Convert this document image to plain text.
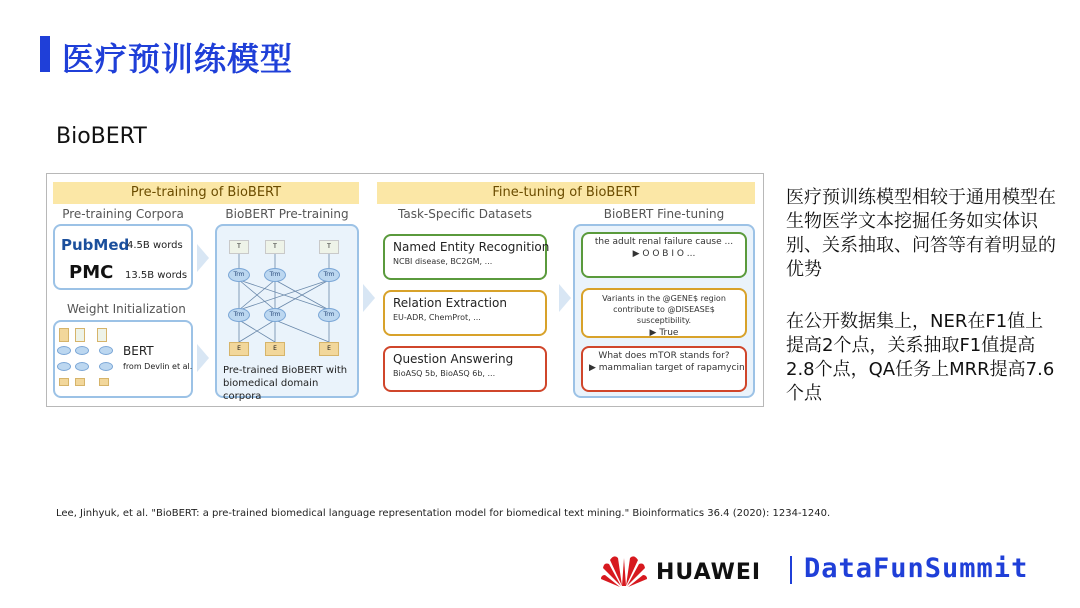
医疗预训练模型
BioBERT
Pre-training of BioBERT	Fine-tuning of BioBERT
Pre-training Corpora	BioBERT Pre-training	Task-Specific Datasets	BioBERT Fine-tuning
PubMed
4.5B words
PMC 13.5B words
Weight Initialization
BERT
from Devlin et al.
T	T	T
Trm	Trm	Trm
Trm	Trm	Trm
E	E	E
Pre-trained BioBERT with biomedical domain corpora
Named Entity Recognition
NCBI disease, BC2GM, ...
Relation Extraction
EU-ADR, ChemProt, ...
Question Answering
BioASQ 5b, BioASQ 6b, ...
the adult renal failure cause ...
▶ O O B I O ...
Variants in the @GENE$ region contribute to @DISEASE$ susceptibility.
▶ True
What does mTOR stands for?
▶ mammalian target of rapamycin
医疗预训练模型相较于通用模型在生物医学文本挖掘任务如实体识别、关系抽取、问答等有着明显的优势
在公开数据集上，NER在F1值上提高2个点，关系抽取F1值提高2.8个点，QA任务上MRR提高7.6个点
Lee, Jinhyuk, et al. "BioBERT: a pre-trained biomedical language representation model for biomedical text mining." Bioinformatics 36.4 (2020): 1234-1240.
HUAWEI DataFunSummit
